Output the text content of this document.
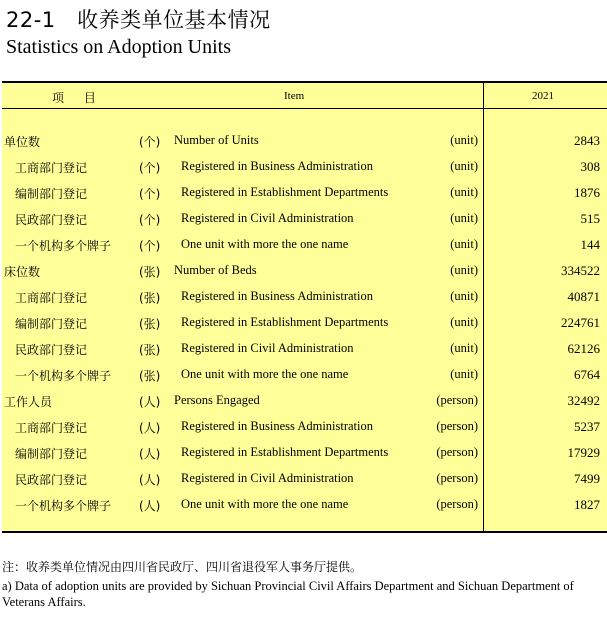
22-1　收养类单位基本情况
Statistics on Adoption Units
项 目	Item	2021
单位数	(个) Number of Units	(unit)	2843
工商部门登记	(个) Registered in Business Administration	(unit)	308
编制部门登记	(个) Registered in Establishment Departments	(unit)	1876
民政部门登记	(个) Registered in Civil Administration	(unit)	515
一个机构多个牌子 (个) One unit with more the one name	(unit)	144
床位数	(张) Number of Beds	(unit)	334522
工商部门登记	(张) Registered in Business Administration	(unit)	40871
编制部门登记	(张) Registered in Establishment Departments	(unit)	224761
民政部门登记	(张) Registered in Civil Administration	(unit)	62126
一个机构多个牌子 (张) One unit with more the one name	(unit)	6764
工作人员	(人) Persons Engaged	(person)	32492
工商部门登记	(人) Registered in Business Administration	(person)	5237
编制部门登记	(人) Registered in Establishment Departments	(person)	17929
民政部门登记	(人) Registered in Civil Administration	(person)	7499
一个机构多个牌子 (人) One unit with more the one name	(person)	1827
注：收养类单位情况由四川省民政厅、四川省退役军人事务厅提供。
a) Data of adoption units are provided by Sichuan Provincial Civil Affairs Department and Sichuan Department of Veterans Affairs.
